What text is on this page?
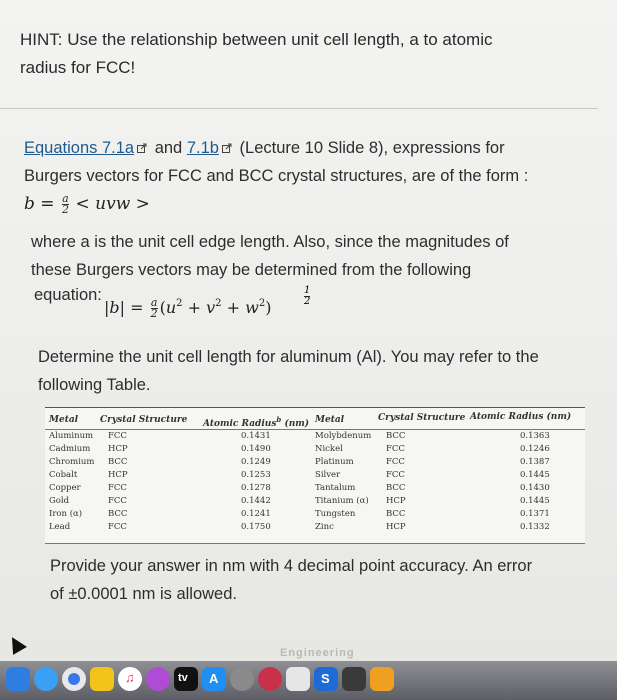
HINT: Use the relationship between unit cell length, a to atomic
radius for FCC!
Equations 7.1a and 7.1b (Lecture 10 Slide 8), expressions for
Burgers vectors for FCC and BCC crystal structures, are of the form :
$b = \frac{a}{2}$ < uvw >
where a is the unit cell edge length. Also, since the magnitudes of
these Burgers vectors may be determined from the following
equation:
$|b| = \frac{a}{2} (u^2 + v^2 + w^2)$
$\frac{1}{2}$
Determine the unit cell length for aluminum (Al). You may refer to the
following Table.
Metal Crystal Structure Atomic Radius$^b$ (nm) Metal	Crystal Structure Atomic Radius (nm)
Aluminum FCC	0.1431	Molybdenum BCC	0.1363
Cadmium HCP	0.1490	Nickel	FCC	0.1246
Chromium BCC	0.1249	Platinum	FCC	0.1387
Cobalt	HCP	0.1253	Silver	FCC	0.1445
Copper	FCC	0.1278	Tantalum	BCC	0.1430
Gold	FCC	0.1442	Titanium (α) HCP	0.1445
Iron (α)	BCC	0.1241	Tungsten	BCC	0.1371
Lead	FCC	0.1750	Zinc	HCP	0.1332
Provide your answer in nm with 4 decimal point accuracy. An error
of ±0.0001 nm is allowed.
Engineering
♫	tv A	S
